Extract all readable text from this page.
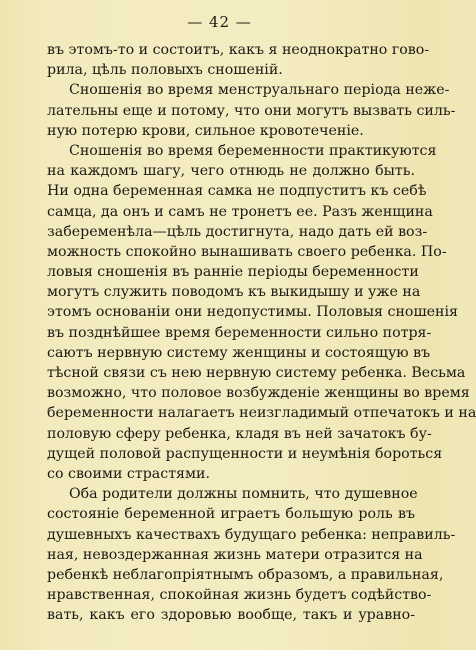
— 42 —
въ этомъ-то и состоитъ, какъ я неоднократно гово-
рила, цѣль половыхъ сношенiй.
Сношенiя во время менструальнаго перiода нежe-
лательны еще и потому, что они могутъ вызвать силь-
ную потерю крови, сильное кровотеченiе.
Сношенiя во время беременности практикуются
на каждомъ шагу, чего отнюдь не должно быть.
Ни одна беременная самка не подпуститъ къ себѣ
самца, да онъ и самъ не тронетъ ее. Разъ женщина
забеременѣла—цѣль достигнута, надо дать ей воз-
можность спокойно вынашивать своего ребенка. По-
ловыя сношенiя въ раннiе перiоды беременности
могутъ служить поводомъ къ выкидышу и уже на
этомъ основанiи они недопустимы. Половыя сношенiя
въ позднѣйшее время беременности сильно потря-
саютъ нервную систему женщины и состоящую въ
тѣсной связи съ нею нервную систему ребенка. Весьма
возможно, что половое возбужденiе женщины во время
беременности налагаетъ неизгладимый отпечатокъ и на
половую сферу ребенка, кладя въ ней зачатокъ бу-
дущей половой распущенности и неумѣнiя бороться
со своими страстями.
Оба родители должны помнить, что душевное
состоянiе беременной играетъ большую роль въ
душевныхъ качествахъ будущаго ребенка: неправиль-
ная, невоздержанная жизнь матери отразится на
ребенкѣ неблагопрiятнымъ образомъ, а правильная,
нравственная, спокойная жизнь будетъ содѣйство-
вать, какъ его здоровью вообще, такъ и уравно-
